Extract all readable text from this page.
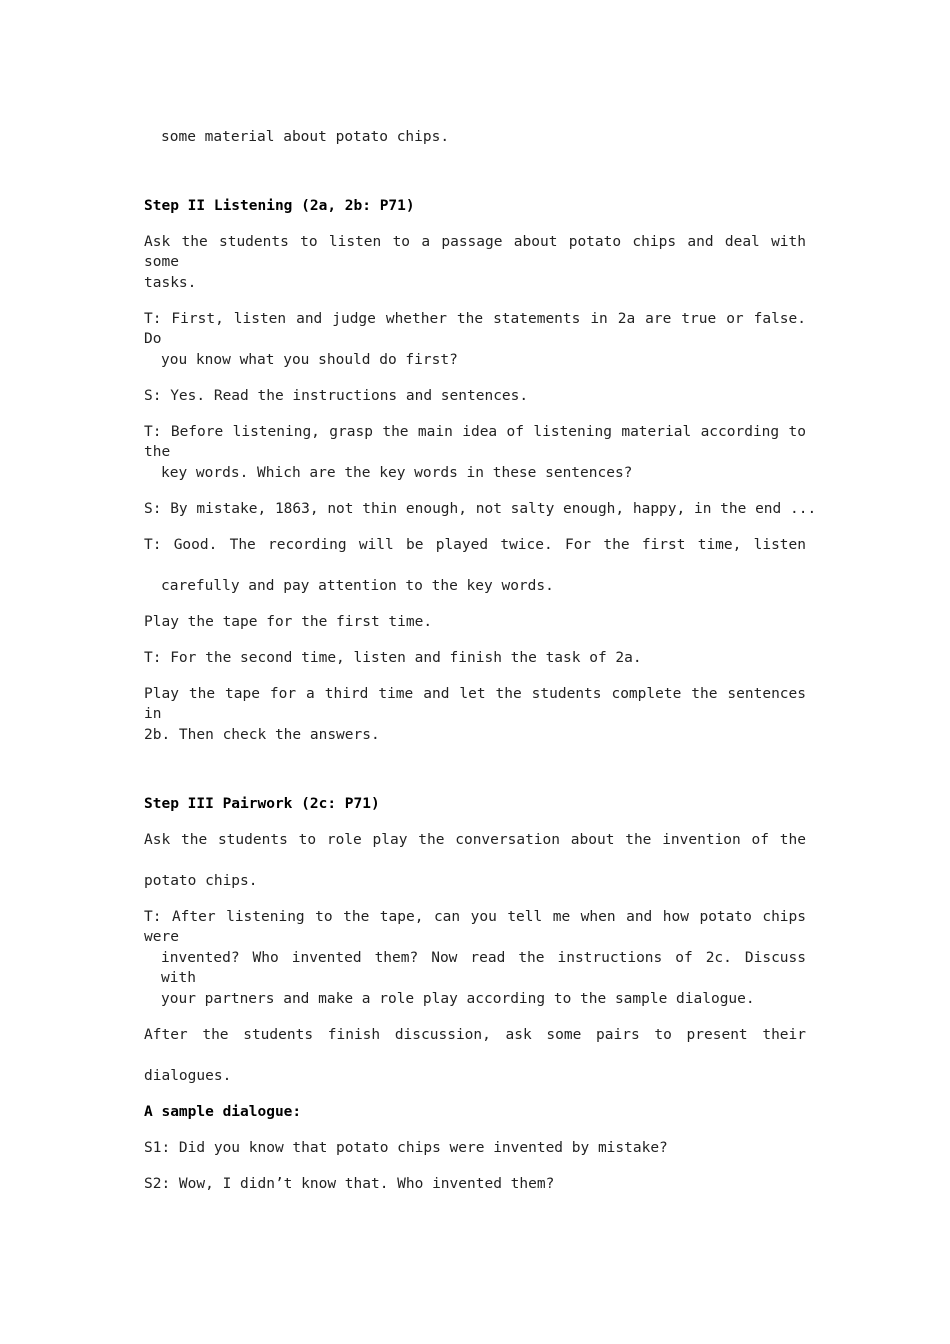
some material about potato chips.
Step II Listening (2a, 2b: P71)
Ask the students to listen to a passage about potato chips and deal with some
tasks.
T: First, listen and judge whether the statements in 2a are true or false. Do
you know what you should do first?
S: Yes. Read the instructions and sentences.
T: Before listening, grasp the main idea of listening material according to the
key words. Which are the key words in these sentences?
S: By mistake, 1863, not thin enough, not salty enough, happy, in the end ...
T: Good. The recording will be played twice. For the first time, listen
carefully and pay attention to the key words.
Play the tape for the first time.
T: For the second time, listen and finish the task of 2a.
Play the tape for a third time and let the students complete the sentences in
2b. Then check the answers.
Step III Pairwork (2c: P71)
Ask the students to role play the conversation about the invention of the
potato chips.
T: After listening to the tape, can you tell me when and how potato chips were
invented? Who invented them? Now read the instructions of 2c. Discuss with
your partners and make a role play according to the sample dialogue.
After the students finish discussion, ask some pairs to present their
dialogues.
A sample dialogue:
S1: Did you know that potato chips were invented by mistake?
S2: Wow, I didn’t know that. Who invented them?
